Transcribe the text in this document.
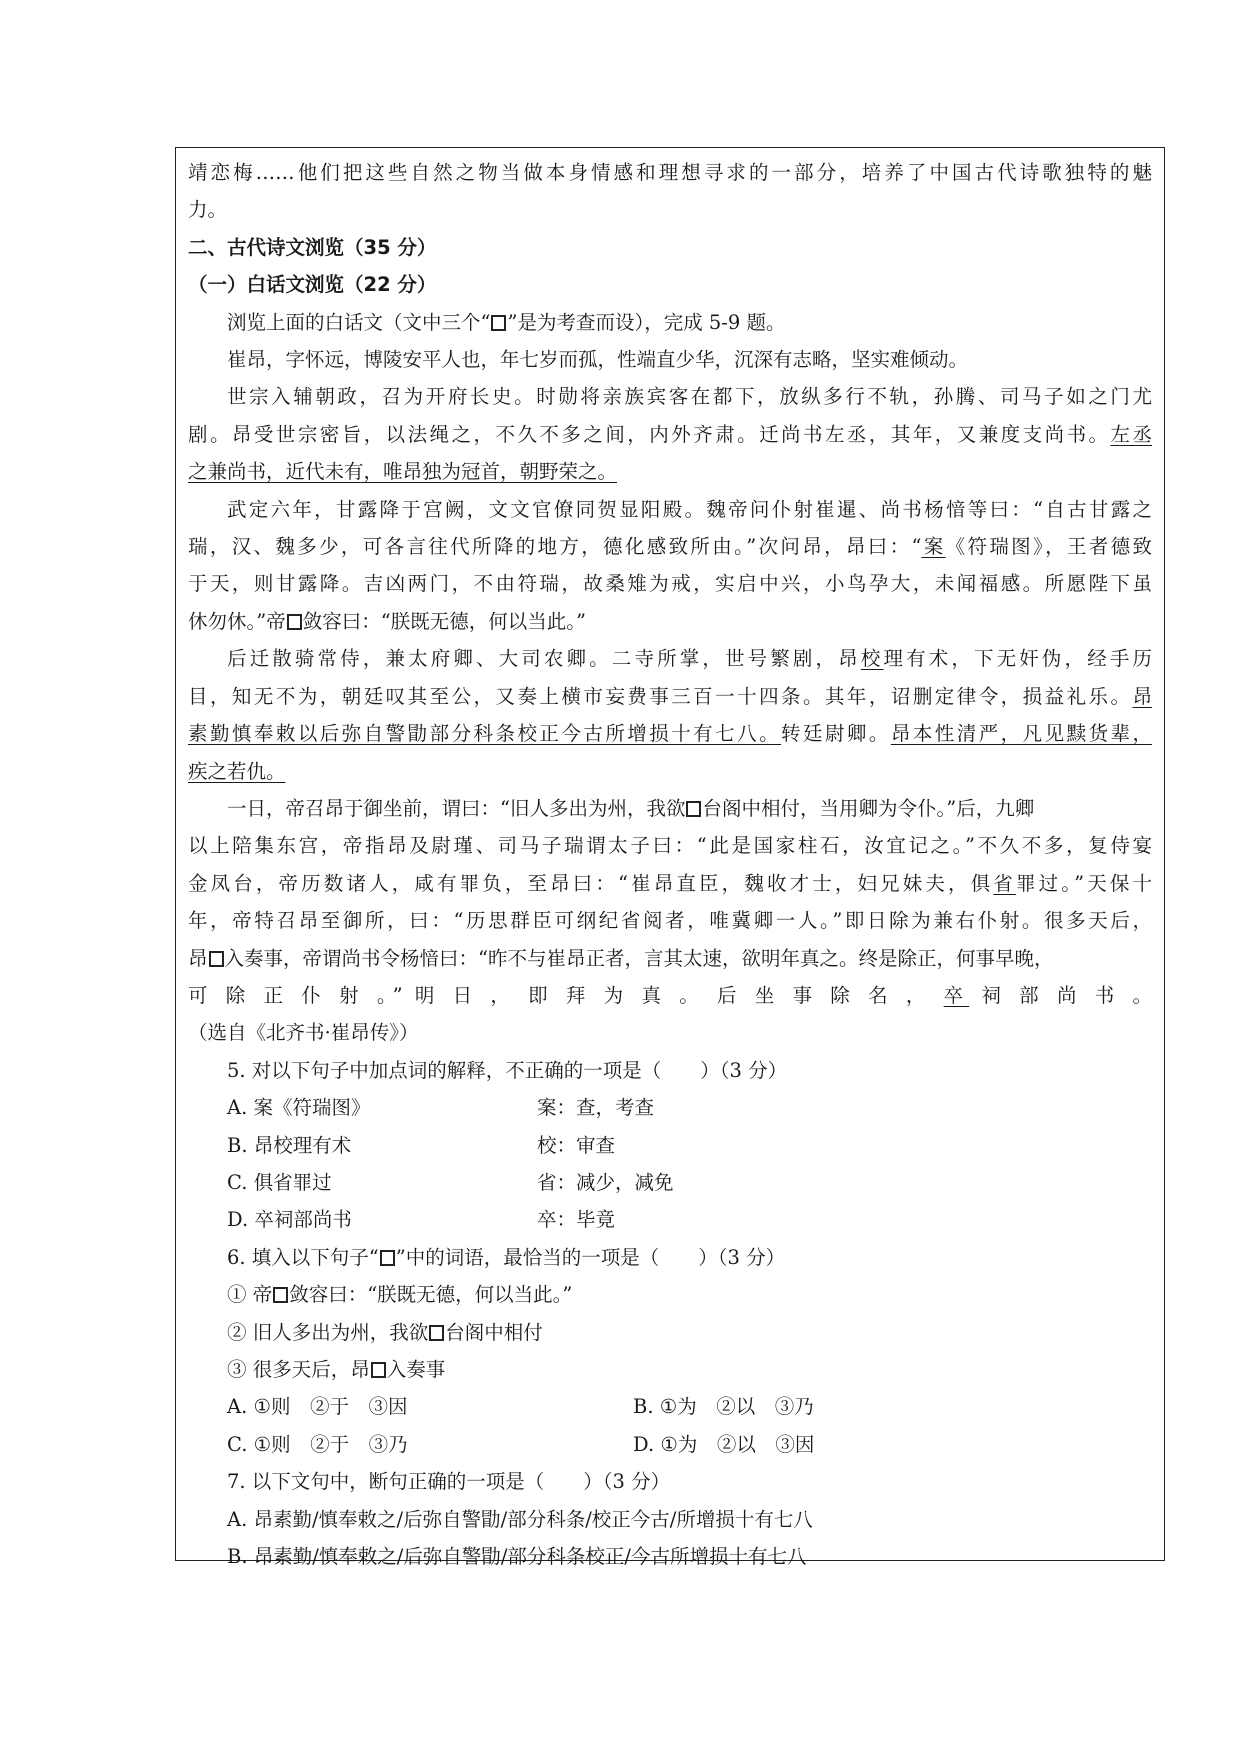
靖恋梅……他们把这些自然之物当做本身情感和理想寻求的一部分，培养了中国古代诗歌独特的魅
力。
二、古代诗文浏览（35 分）
（一）白话文浏览（22 分）
浏览上面的白话文（文中三个“ ”是为考查而设），完成 5-9 题。
崔昂，字怀远，博陵安平人也，年七岁而孤，性端直少华，沉深有志略，坚实难倾动。
世宗入辅朝政，召为开府长史。时勋将亲族宾客在都下，放纵多行不轨，孙腾、司马子如之门尤
剧。昂受世宗密旨，以法绳之，不久不多之间，内外齐肃。迁尚书左丞，其年，又兼度支尚书。左丞
之兼尚书，近代未有，唯昂独为冠首，朝野荣之。
武定六年，甘露降于宫阙，文文官僚同贺显阳殿。魏帝问仆射崔暹、尚书杨愔等曰：“自古甘露之
瑞，汉、魏多少，可各言往代所降的地方，德化感致所由。”次问昂，昂曰：“案《符瑞图》，王者德致
于天，则甘露降。吉凶两门，不由符瑞，故桑雉为戒，实启中兴，小鸟孕大，未闻福感。所愿陛下虽
休勿休。”帝 敛容曰：“朕既无德，何以当此。”
后迁散骑常侍，兼太府卿、大司农卿。二寺所掌，世号繁剧，昂校理有术，下无奸伪，经手历
目，知无不为，朝廷叹其至公，又奏上横市妄费事三百一十四条。其年，诏删定律令，损益礼乐。昂
素勤慎奉敕以后弥自警勖部分科条校正今古所增损十有七八。转廷尉卿。昂本性清严，凡见黩货辈，
疾之若仇。
一日，帝召昂于御坐前，谓曰：“旧人多出为州，我欲 台阁中相付，当用卿为令仆。”后，九卿
以上陪集东宫，帝指昂及尉瑾、司马子瑞谓太子曰：“此是国家柱石，汝宜记之。”不久不多，复侍宴
金凤台，帝历数诸人，咸有罪负，至昂曰：“崔昂直臣，魏收才士，妇兄妹夫，俱省罪过。”天保十
年，帝特召昂至御所，曰：“历思群臣可纲纪省阅者，唯冀卿一人。”即日除为兼右仆射。很多天后，
昂 入奏事，帝谓尚书令杨愔曰：“昨不与崔昂正者，言其太速，欲明年真之。终是除正，何事早晚，
可 除 正 仆 射 。” 明 日 ， 即 拜 为 真 。 后 坐 事 除 名 ， 卒 祠 部 尚 书 。
（选自《北齐书·崔昂传》）
5. 对以下句子中加点词的解释，不正确的一项是（　　）（3 分）
A. 案《符瑞图》	案：查，考查
B. 昂校理有术	校：审查
C. 俱省罪过	省：减少，减免
D. 卒祠部尚书	卒：毕竟
6. 填入以下句子“ ”中的词语，最恰当的一项是（　　）（3 分）
① 帝 敛容曰：“朕既无德，何以当此。”
② 旧人多出为州，我欲 台阁中相付
③ 很多天后，昂 入奏事
A. ①则　②于　③因	B. ①为　②以　③乃
C. ①则　②于　③乃	D. ①为　②以　③因
7. 以下文句中，断句正确的一项是（　　）（3 分）
A. 昂素勤/慎奉敕之/后弥自警勖/部分科条/校正今古/所增损十有七八
B. 昂素勤/慎奉敕之/后弥自警勖/部分科条校正/今古所增损十有七八
